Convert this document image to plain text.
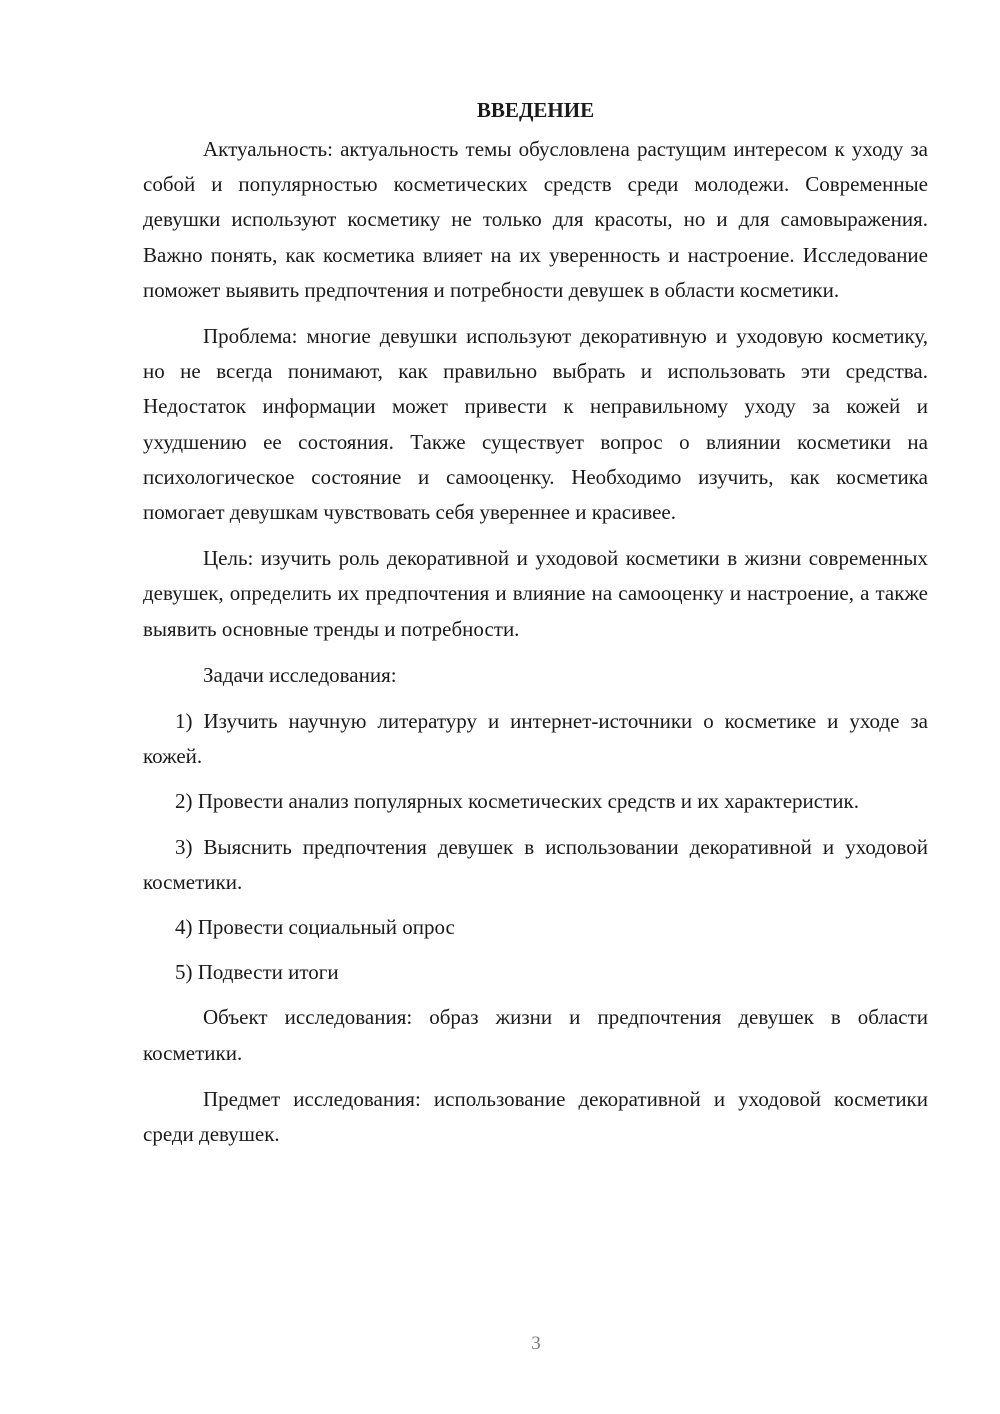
ВВЕДЕНИЕ

Актуальность: актуальность темы обусловлена растущим интересом к уходу за собой и популярностью косметических средств среди молодежи. Современные девушки используют косметику не только для красоты, но и для самовыражения. Важно понять, как косметика влияет на их уверенность и настроение. Исследование поможет выявить предпочтения и потребности девушек в области косметики.

Проблема: многие девушки используют декоративную и уходовую косметику, но не всегда понимают, как правильно выбрать и использовать эти средства. Недостаток информации может привести к неправильному уходу за кожей и ухудшению ее состояния. Также существует вопрос о влиянии косметики на психологическое состояние и самооценку. Необходимо изучить, как косметика помогает девушкам чувствовать себя увереннее и красивее.

Цель: изучить роль декоративной и уходовой косметики в жизни современных девушек, определить их предпочтения и влияние на самооценку и настроение, а также выявить основные тренды и потребности.

Задачи исследования:

1) Изучить научную литературу и интернет-источники о косметике и уходе за кожей.

2) Провести анализ популярных косметических средств и их характеристик.

3) Выяснить предпочтения девушек в использовании декоративной и уходовой косметики.

4) Провести социальный опрос

5) Подвести итоги

Объект исследования: образ жизни и предпочтения девушек в области косметики.

Предмет исследования: использование декоративной и уходовой косметики среди девушек.

3
